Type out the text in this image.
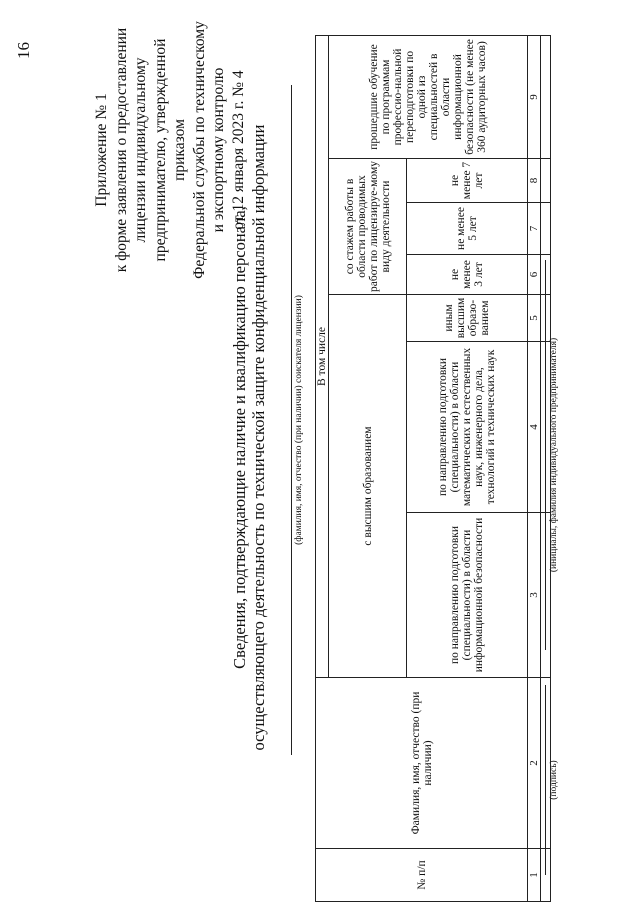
16
Приложение № 1 к форме заявления о предоставлении лицензии индивидуальному предпринимателю, утвержденной приказом Федеральной службы по техническому и экспортному контролю от 12 января 2023 г. № 4
Сведения, подтверждающие наличие и квалификацию персонала, осуществляющего деятельность по технической защите конфиденциальной информации	(фамилия, имя, отчество (при наличии) соискателя лицензии)
№ п/п	Фамилия, имя, отчество (при наличии)	В том числе						
		с высшим образованием			со стажем работы в области проводимых работ по лицензируе-мому виду деятельности			прошедшие обучение по программам профессио-нальной переподготовки по одной из специальностей в области информационной безопасности (не менее 360 аудиторных часов)
					не менее 3 лет	не менее 5 лет	не менее 7 лет	
		по направлению подготовки (специальности) в области информационной безопасности	по направлению подготовки (специальности) в области математических и естественных наук, инженерного дела, технологий и технических наук	иным высшим образо-ванием				
1	2	3	4	5	6	7	8	9

(подпись)
(инициалы, фамилия индивидуального предпринимателя)
